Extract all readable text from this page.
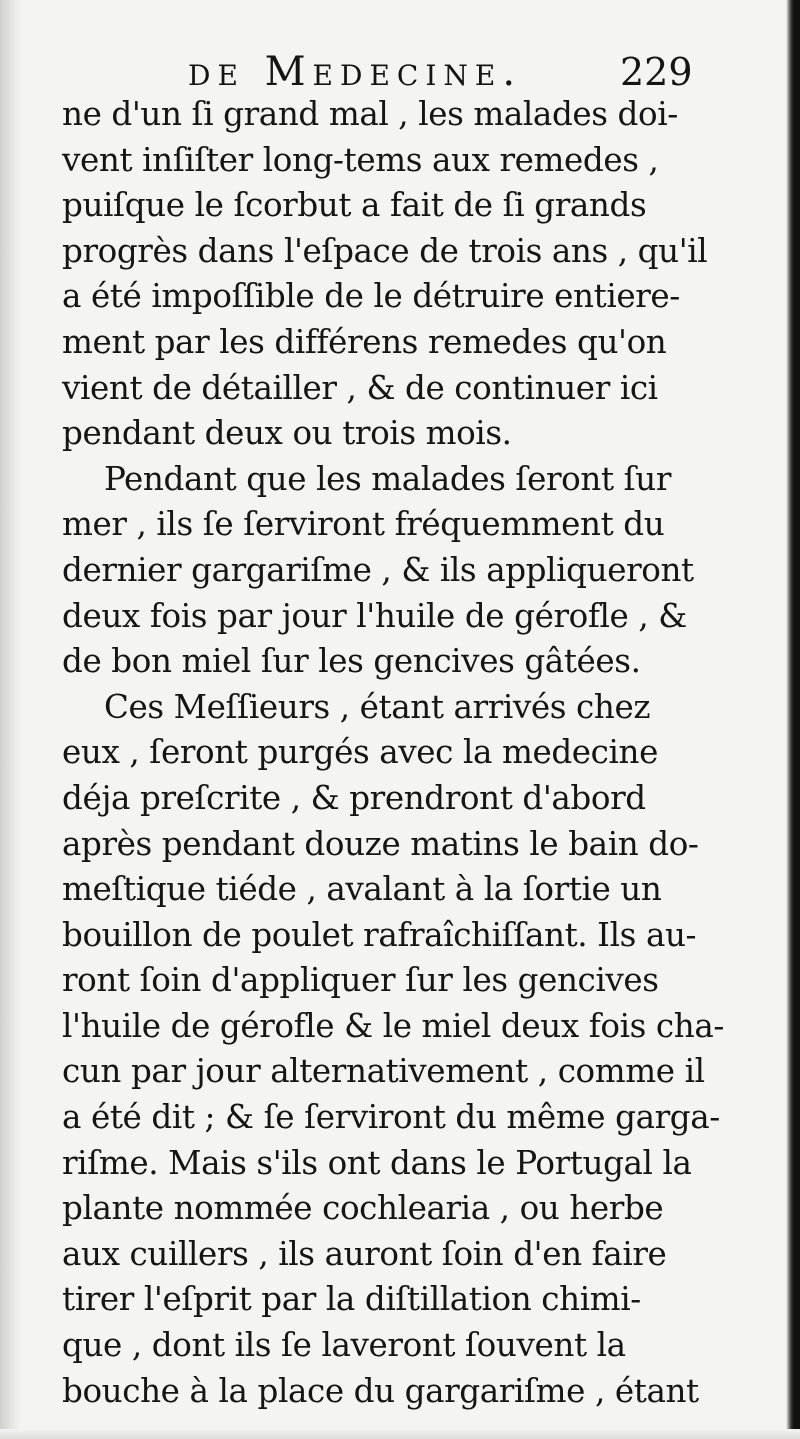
de Medecine.	229
ne d'un ſi grand mal , les malades doi-
vent inſiſter long-tems aux remedes ,
puiſque le ſcorbut a fait de ſi grands
progrès dans l'eſpace de trois ans , qu'il
a été impoſſible de le détruire entiere-
ment par les différens remedes qu'on
vient de détailler , & de continuer ici
pendant deux ou trois mois.
Pendant que les malades ſeront ſur
mer , ils ſe ſerviront fréquemment du
dernier gargariſme , & ils appliqueront
deux fois par jour l'huile de gérofle , &
de bon miel ſur les gencives gâtées.
Ces Meſſieurs , étant arrivés chez
eux , ſeront purgés avec la medecine
déja preſcrite , & prendront d'abord
après pendant douze matins le bain do-
meſtique tiéde , avalant à la ſortie un
bouillon de poulet rafraîchiſſant. Ils au-
ront ſoin d'appliquer ſur les gencives
l'huile de gérofle & le miel deux fois cha-
cun par jour alternativement , comme il
a été dit ; & ſe ſerviront du même garga-
riſme. Mais s'ils ont dans le Portugal la
plante nommée cochlearia , ou herbe
aux cuillers , ils auront ſoin d'en faire
tirer l'eſprit par la diſtillation chimi-
que , dont ils ſe laveront ſouvent la
bouche à la place du gargariſme , étant
